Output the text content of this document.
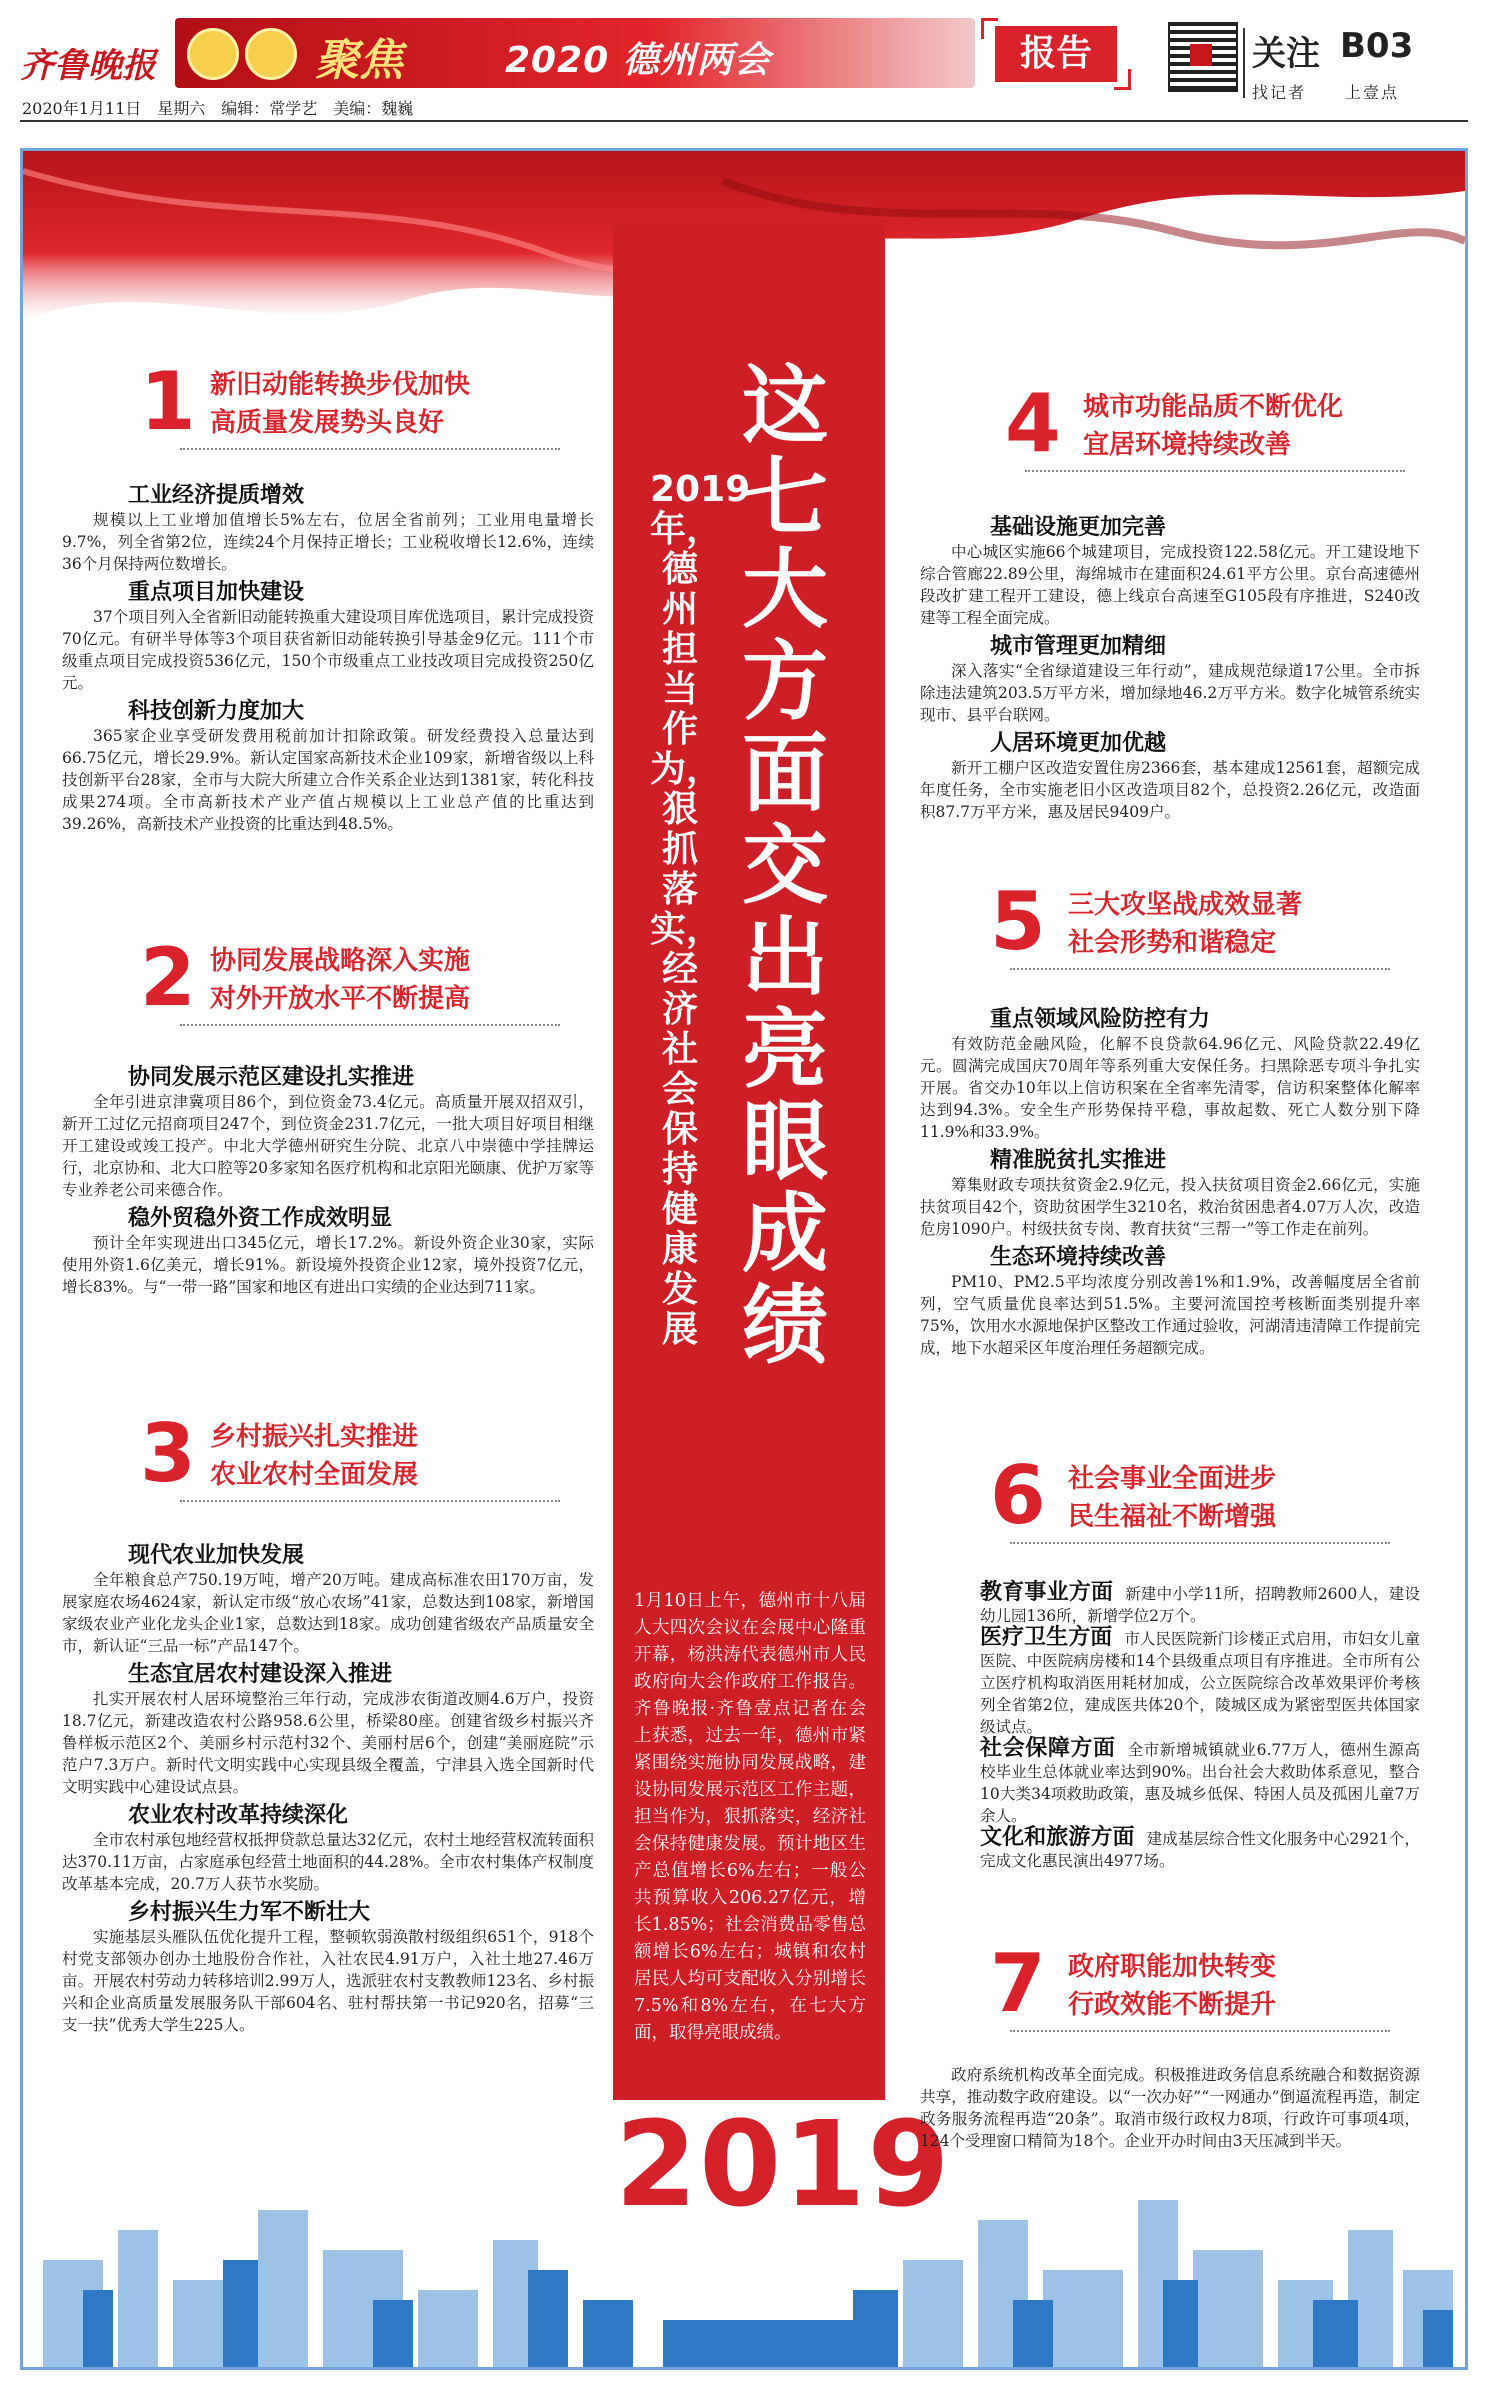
齐鲁晚报	聚焦	2020 德州两会	报告	关注 B03
找记者 上壹点
2020年1月11日　星期六　编辑：常学艺　美编：魏巍
这七大方面交出亮眼成绩
2019年，德州担当作为，狠抓落实，经济社会保持健康发展
1月10日上午，德州市十八届人大四次会议在会展中心隆重开幕，杨洪涛代表德州市人民政府向大会作政府工作报告。齐鲁晚报·齐鲁壹点记者在会上获悉，过去一年，德州市紧紧围绕实施协同发展战略，建设协同发展示范区工作主题，担当作为，狠抓落实，经济社会保持健康发展。预计地区生产总值增长6%左右；一般公共预算收入206.27亿元，增长1.85%；社会消费品零售总额增长6%左右；城镇和农村居民人均可支配收入分别增长7.5%和8%左右，在七大方面，取得亮眼成绩。
2019
1 新旧动能转换步伐加快
高质量发展势头良好
工业经济提质增效
规模以上工业增加值增长5%左右，位居全省前列；工业用电量增长9.7%，列全省第2位，连续24个月保持正增长；工业税收增长12.6%，连续36个月保持两位数增长。
重点项目加快建设
37个项目列入全省新旧动能转换重大建设项目库优选项目，累计完成投资70亿元。有研半导体等3个项目获省新旧动能转换引导基金9亿元。111个市级重点项目完成投资536亿元，150个市级重点工业技改项目完成投资250亿元。
科技创新力度加大
365家企业享受研发费用税前加计扣除政策。研发经费投入总量达到66.75亿元，增长29.9%。新认定国家高新技术企业109家，新增省级以上科技创新平台28家，全市与大院大所建立合作关系企业达到1381家，转化科技成果274项。全市高新技术产业产值占规模以上工业总产值的比重达到39.26%，高新技术产业投资的比重达到48.5%。
2 协同发展战略深入实施
对外开放水平不断提高
协同发展示范区建设扎实推进
全年引进京津冀项目86个，到位资金73.4亿元。高质量开展双招双引，新开工过亿元招商项目247个，到位资金231.7亿元，一批大项目好项目相继开工建设或竣工投产。中北大学德州研究生分院、北京八中崇德中学挂牌运行，北京协和、北大口腔等20多家知名医疗机构和北京阳光颐康、优护万家等专业养老公司来德合作。
稳外贸稳外资工作成效明显
预计全年实现进出口345亿元，增长17.2%。新设外资企业30家，实际使用外资1.6亿美元，增长91%。新设境外投资企业12家，境外投资7亿元，增长83%。与“一带一路”国家和地区有进出口实绩的企业达到711家。
3 乡村振兴扎实推进
农业农村全面发展
现代农业加快发展
全年粮食总产750.19万吨，增产20万吨。建成高标准农田170万亩，发展家庭农场4624家，新认定市级“放心农场”41家，总数达到108家，新增国家级农业产业化龙头企业1家，总数达到18家。成功创建省级农产品质量安全市，新认证“三品一标”产品147个。
生态宜居农村建设深入推进
扎实开展农村人居环境整治三年行动，完成涉农街道改厕4.6万户，投资18.7亿元，新建改造农村公路958.6公里，桥梁80座。创建省级乡村振兴齐鲁样板示范区2个、美丽乡村示范村32个、美丽村居6个，创建“美丽庭院”示范户7.3万户。新时代文明实践中心实现县级全覆盖，宁津县入选全国新时代文明实践中心建设试点县。
农业农村改革持续深化
全市农村承包地经营权抵押贷款总量达32亿元，农村土地经营权流转面积达370.11万亩，占家庭承包经营土地面积的44.28%。全市农村集体产权制度改革基本完成，20.7万人获节水奖励。
乡村振兴生力军不断壮大
实施基层头雁队伍优化提升工程，整顿软弱涣散村级组织651个，918个村党支部领办创办土地股份合作社，入社农民4.91万户，入社土地27.46万亩。开展农村劳动力转移培训2.99万人，选派驻农村支教教师123名、乡村振兴和企业高质量发展服务队干部604名、驻村帮扶第一书记920名，招募“三支一扶”优秀大学生225人。
4 城市功能品质不断优化
宜居环境持续改善
基础设施更加完善
中心城区实施66个城建项目，完成投资122.58亿元。开工建设地下综合管廊22.89公里，海绵城市在建面积24.61平方公里。京台高速德州段改扩建工程开工建设，德上线京台高速至G105段有序推进，S240改建等工程全面完成。
城市管理更加精细
深入落实“全省绿道建设三年行动”，建成规范绿道17公里。全市拆除违法建筑203.5万平方米，增加绿地46.2万平方米。数字化城管系统实现市、县平台联网。
人居环境更加优越
新开工棚户区改造安置住房2366套，基本建成12561套，超额完成年度任务，全市实施老旧小区改造项目82个，总投资2.26亿元，改造面积87.7万平方米，惠及居民9409户。
5 三大攻坚战成效显著
社会形势和谐稳定
重点领域风险防控有力
有效防范金融风险，化解不良贷款64.96亿元、风险贷款22.49亿元。圆满完成国庆70周年等系列重大安保任务。扫黑除恶专项斗争扎实开展。省交办10年以上信访积案在全省率先清零，信访积案整体化解率达到94.3%。安全生产形势保持平稳，事故起数、死亡人数分别下降11.9%和33.9%。
精准脱贫扎实推进
筹集财政专项扶贫资金2.9亿元，投入扶贫项目资金2.66亿元，实施扶贫项目42个，资助贫困学生3210名，救治贫困患者4.07万人次，改造危房1090户。村级扶贫专岗、教育扶贫“三帮一”等工作走在前列。
生态环境持续改善
PM10、PM2.5平均浓度分别改善1%和1.9%，改善幅度居全省前列，空气质量优良率达到51.5%。主要河流国控考核断面类别提升率75%，饮用水水源地保护区整改工作通过验收，河湖清违清障工作提前完成，地下水超采区年度治理任务超额完成。
6 社会事业全面进步
民生福祉不断增强
教育事业方面 新建中小学11所，招聘教师2600人，建设幼儿园136所，新增学位2万个。
医疗卫生方面 市人民医院新门诊楼正式启用，市妇女儿童医院、中医院病房楼和14个县级重点项目有序推进。全市所有公立医疗机构取消医用耗材加成，公立医院综合改革效果评价考核列全省第2位，建成医共体20个，陵城区成为紧密型医共体国家级试点。
社会保障方面 全市新增城镇就业6.77万人，德州生源高校毕业生总体就业率达到90%。出台社会大救助体系意见，整合10大类34项救助政策，惠及城乡低保、特困人员及孤困儿童7万余人。
文化和旅游方面 建成基层综合性文化服务中心2921个，完成文化惠民演出4977场。
7 政府职能加快转变
行政效能不断提升
政府系统机构改革全面完成。积极推进政务信息系统融合和数据资源共享，推动数字政府建设。以“一次办好”“一网通办”倒逼流程再造，制定政务服务流程再造“20条”。取消市级行政权力8项，行政许可事项4项，124个受理窗口精简为18个。企业开办时间由3天压减到半天。
